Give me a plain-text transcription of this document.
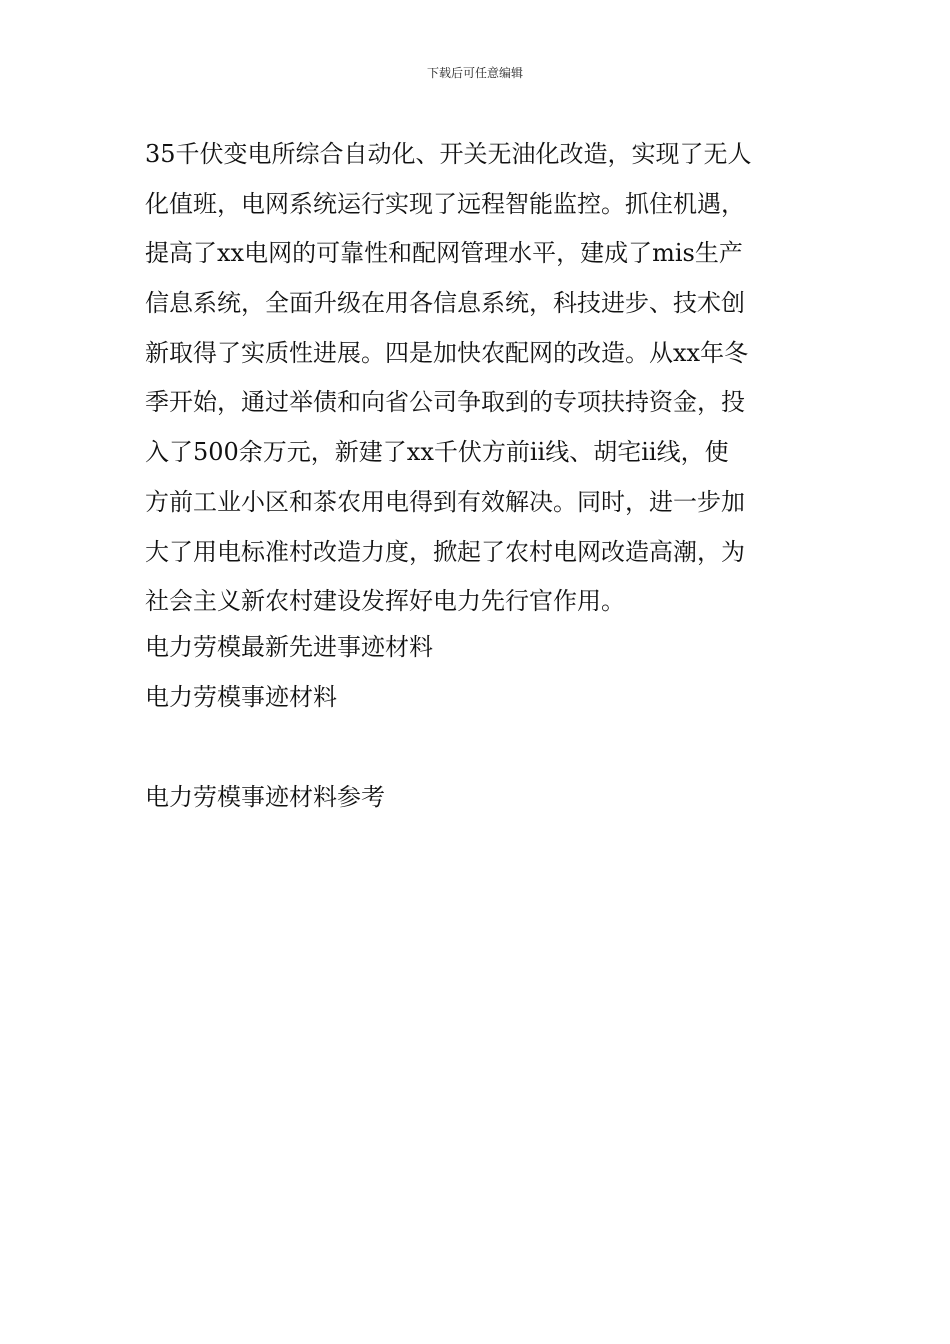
下载后可任意编辑
35千伏变电所综合自动化、开关无油化改造，实现了无人
化值班，电网系统运行实现了远程智能监控。抓住机遇，
提高了xx电网的可靠性和配网管理水平，建成了mis生产
信息系统，全面升级在用各信息系统，科技进步、技术创
新取得了实质性进展。四是加快农配网的改造。从xx年冬
季开始，通过举债和向省公司争取到的专项扶持资金，投
入了500余万元，新建了xx千伏方前ii线、胡宅ii线，使
方前工业小区和茶农用电得到有效解决。同时，进一步加
大了用电标准村改造力度，掀起了农村电网改造高潮，为
社会主义新农村建设发挥好电力先行官作用。
电力劳模最新先进事迹材料
电力劳模事迹材料
电力劳模事迹材料参考
